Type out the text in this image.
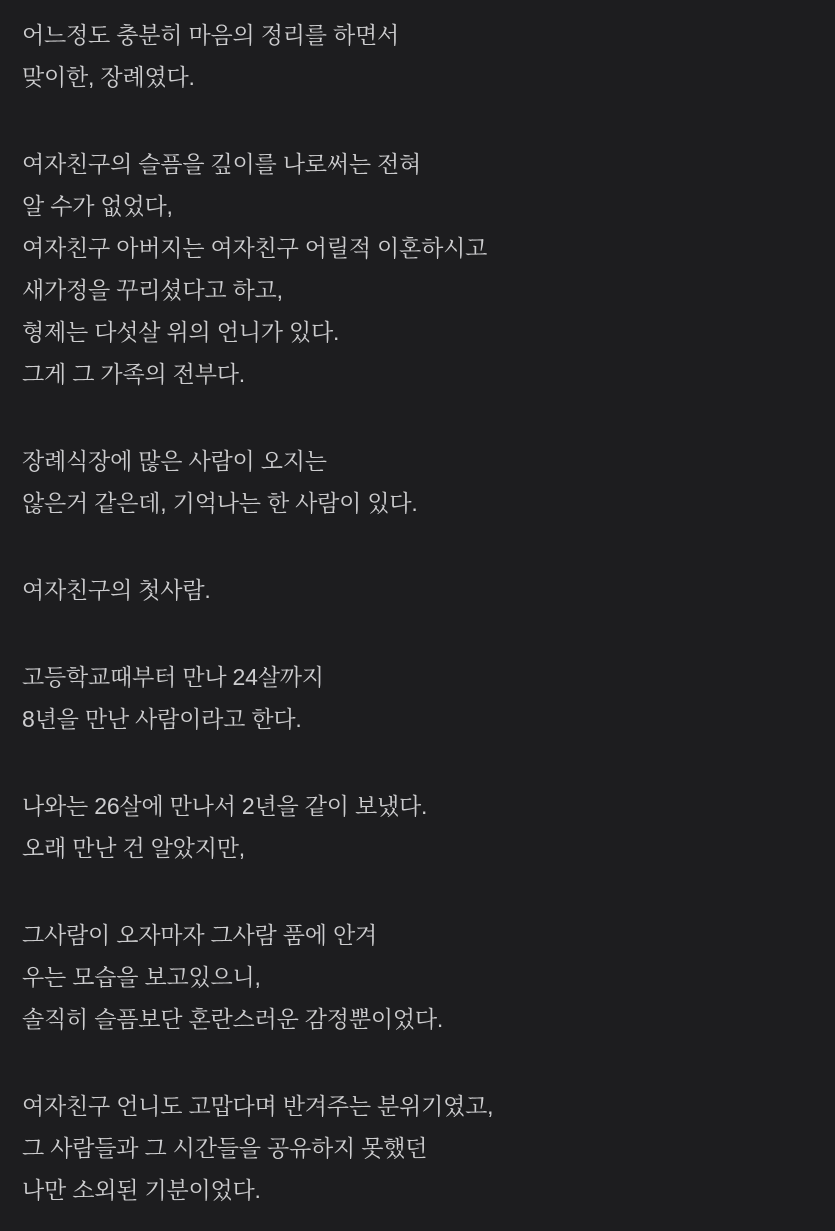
어느정도 충분히 마음의 정리를 하면서
맞이한, 장례였다.
여자친구의 슬픔을 깊이를 나로써는 전혀
알 수가 없었다,
여자친구 아버지는 여자친구 어릴적 이혼하시고
새가정을 꾸리셨다고 하고,
형제는 다섯살 위의 언니가 있다.
그게 그 가족의 전부다.
장례식장에 많은 사람이 오지는
않은거 같은데, 기억나는 한 사람이 있다.
여자친구의 첫사람.
고등학교때부터 만나 24살까지
8년을 만난 사람이라고 한다.
나와는 26살에 만나서 2년을 같이 보냈다.
오래 만난 건 알았지만,
그사람이 오자마자 그사람 품에 안겨
우는 모습을 보고있으니,
솔직히 슬픔보단 혼란스러운 감정뿐이었다.
여자친구 언니도 고맙다며 반겨주는 분위기였고,
그 사람들과 그 시간들을 공유하지 못했던
나만 소외된 기분이었다.
